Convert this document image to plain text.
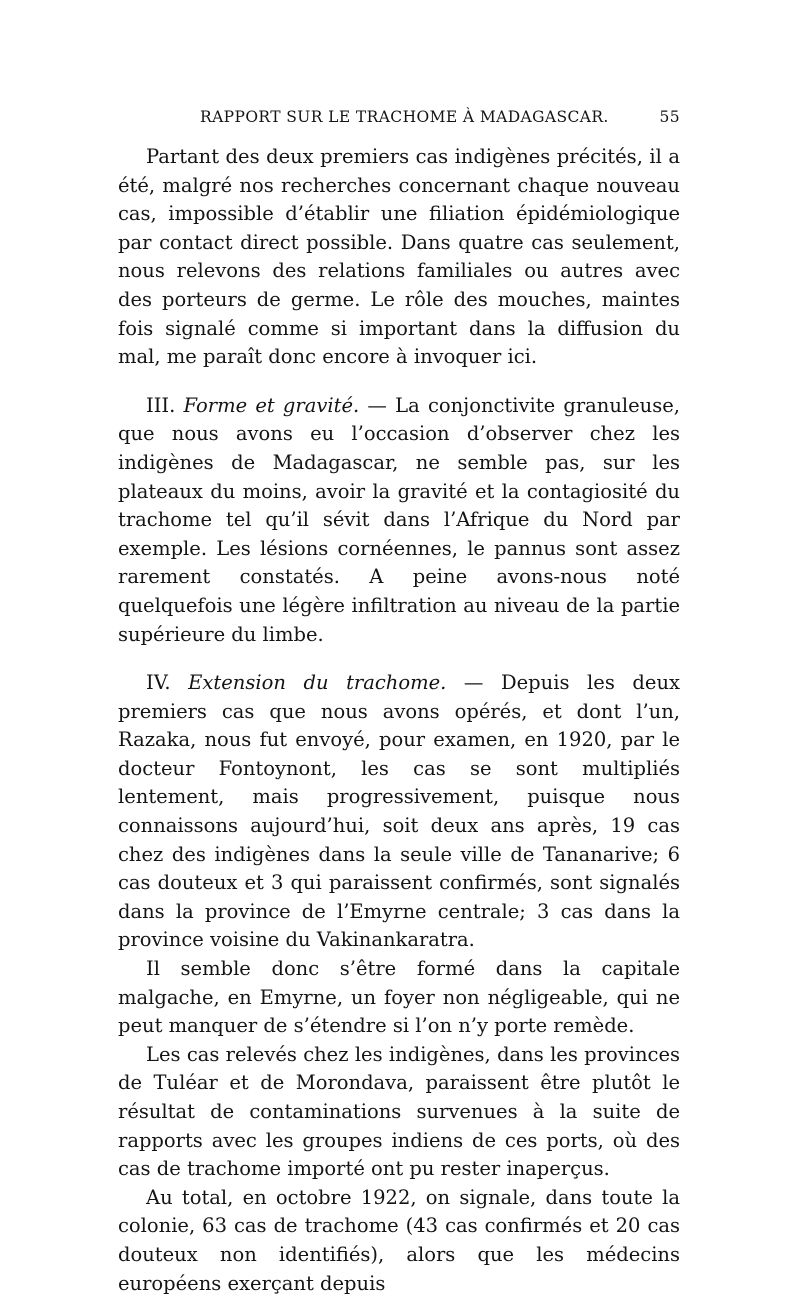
RAPPORT SUR LE TRACHOME À MADAGASCAR.	55

Partant des deux premiers cas indigènes précités, il a été, malgré nos recherches concernant chaque nouveau cas, impossible d’établir une filiation épidémiologique par contact direct possible. Dans quatre cas seulement, nous relevons des relations familiales ou autres avec des porteurs de germe. Le rôle des mouches, maintes fois signalé comme si important dans la diffusion du mal, me paraît donc encore à invoquer ici.

III. Forme et gravité. — La conjonctivite granuleuse, que nous avons eu l’occasion d’observer chez les indigènes de Madagascar, ne semble pas, sur les plateaux du moins, avoir la gravité et la contagiosité du trachome tel qu’il sévit dans l’Afrique du Nord par exemple. Les lésions cornéennes, le pannus sont assez rarement constatés. A peine avons-nous noté quelquefois une légère infiltration au niveau de la partie supérieure du limbe.

IV. Extension du trachome. — Depuis les deux premiers cas que nous avons opérés, et dont l’un, Razaka, nous fut envoyé, pour examen, en 1920, par le docteur Fontoynont, les cas se sont multipliés lentement, mais progressivement, puisque nous connaissons aujourd’hui, soit deux ans après, 19 cas chez des indigènes dans la seule ville de Tananarive; 6 cas douteux et 3 qui paraissent confirmés, sont signalés dans la province de l’Emyrne centrale; 3 cas dans la province voisine du Vakinankaratra.

Il semble donc s’être formé dans la capitale malgache, en Emyrne, un foyer non négligeable, qui ne peut manquer de s’étendre si l’on n’y porte remède.

Les cas relevés chez les indigènes, dans les provinces de Tuléar et de Morondava, paraissent être plutôt le résultat de contaminations survenues à la suite de rapports avec les groupes indiens de ces ports, où des cas de trachome importé ont pu rester inaperçus.

Au total, en octobre 1922, on signale, dans toute la colonie, 63 cas de trachome (43 cas confirmés et 20 cas douteux non identifiés), alors que les médecins européens exerçant depuis
